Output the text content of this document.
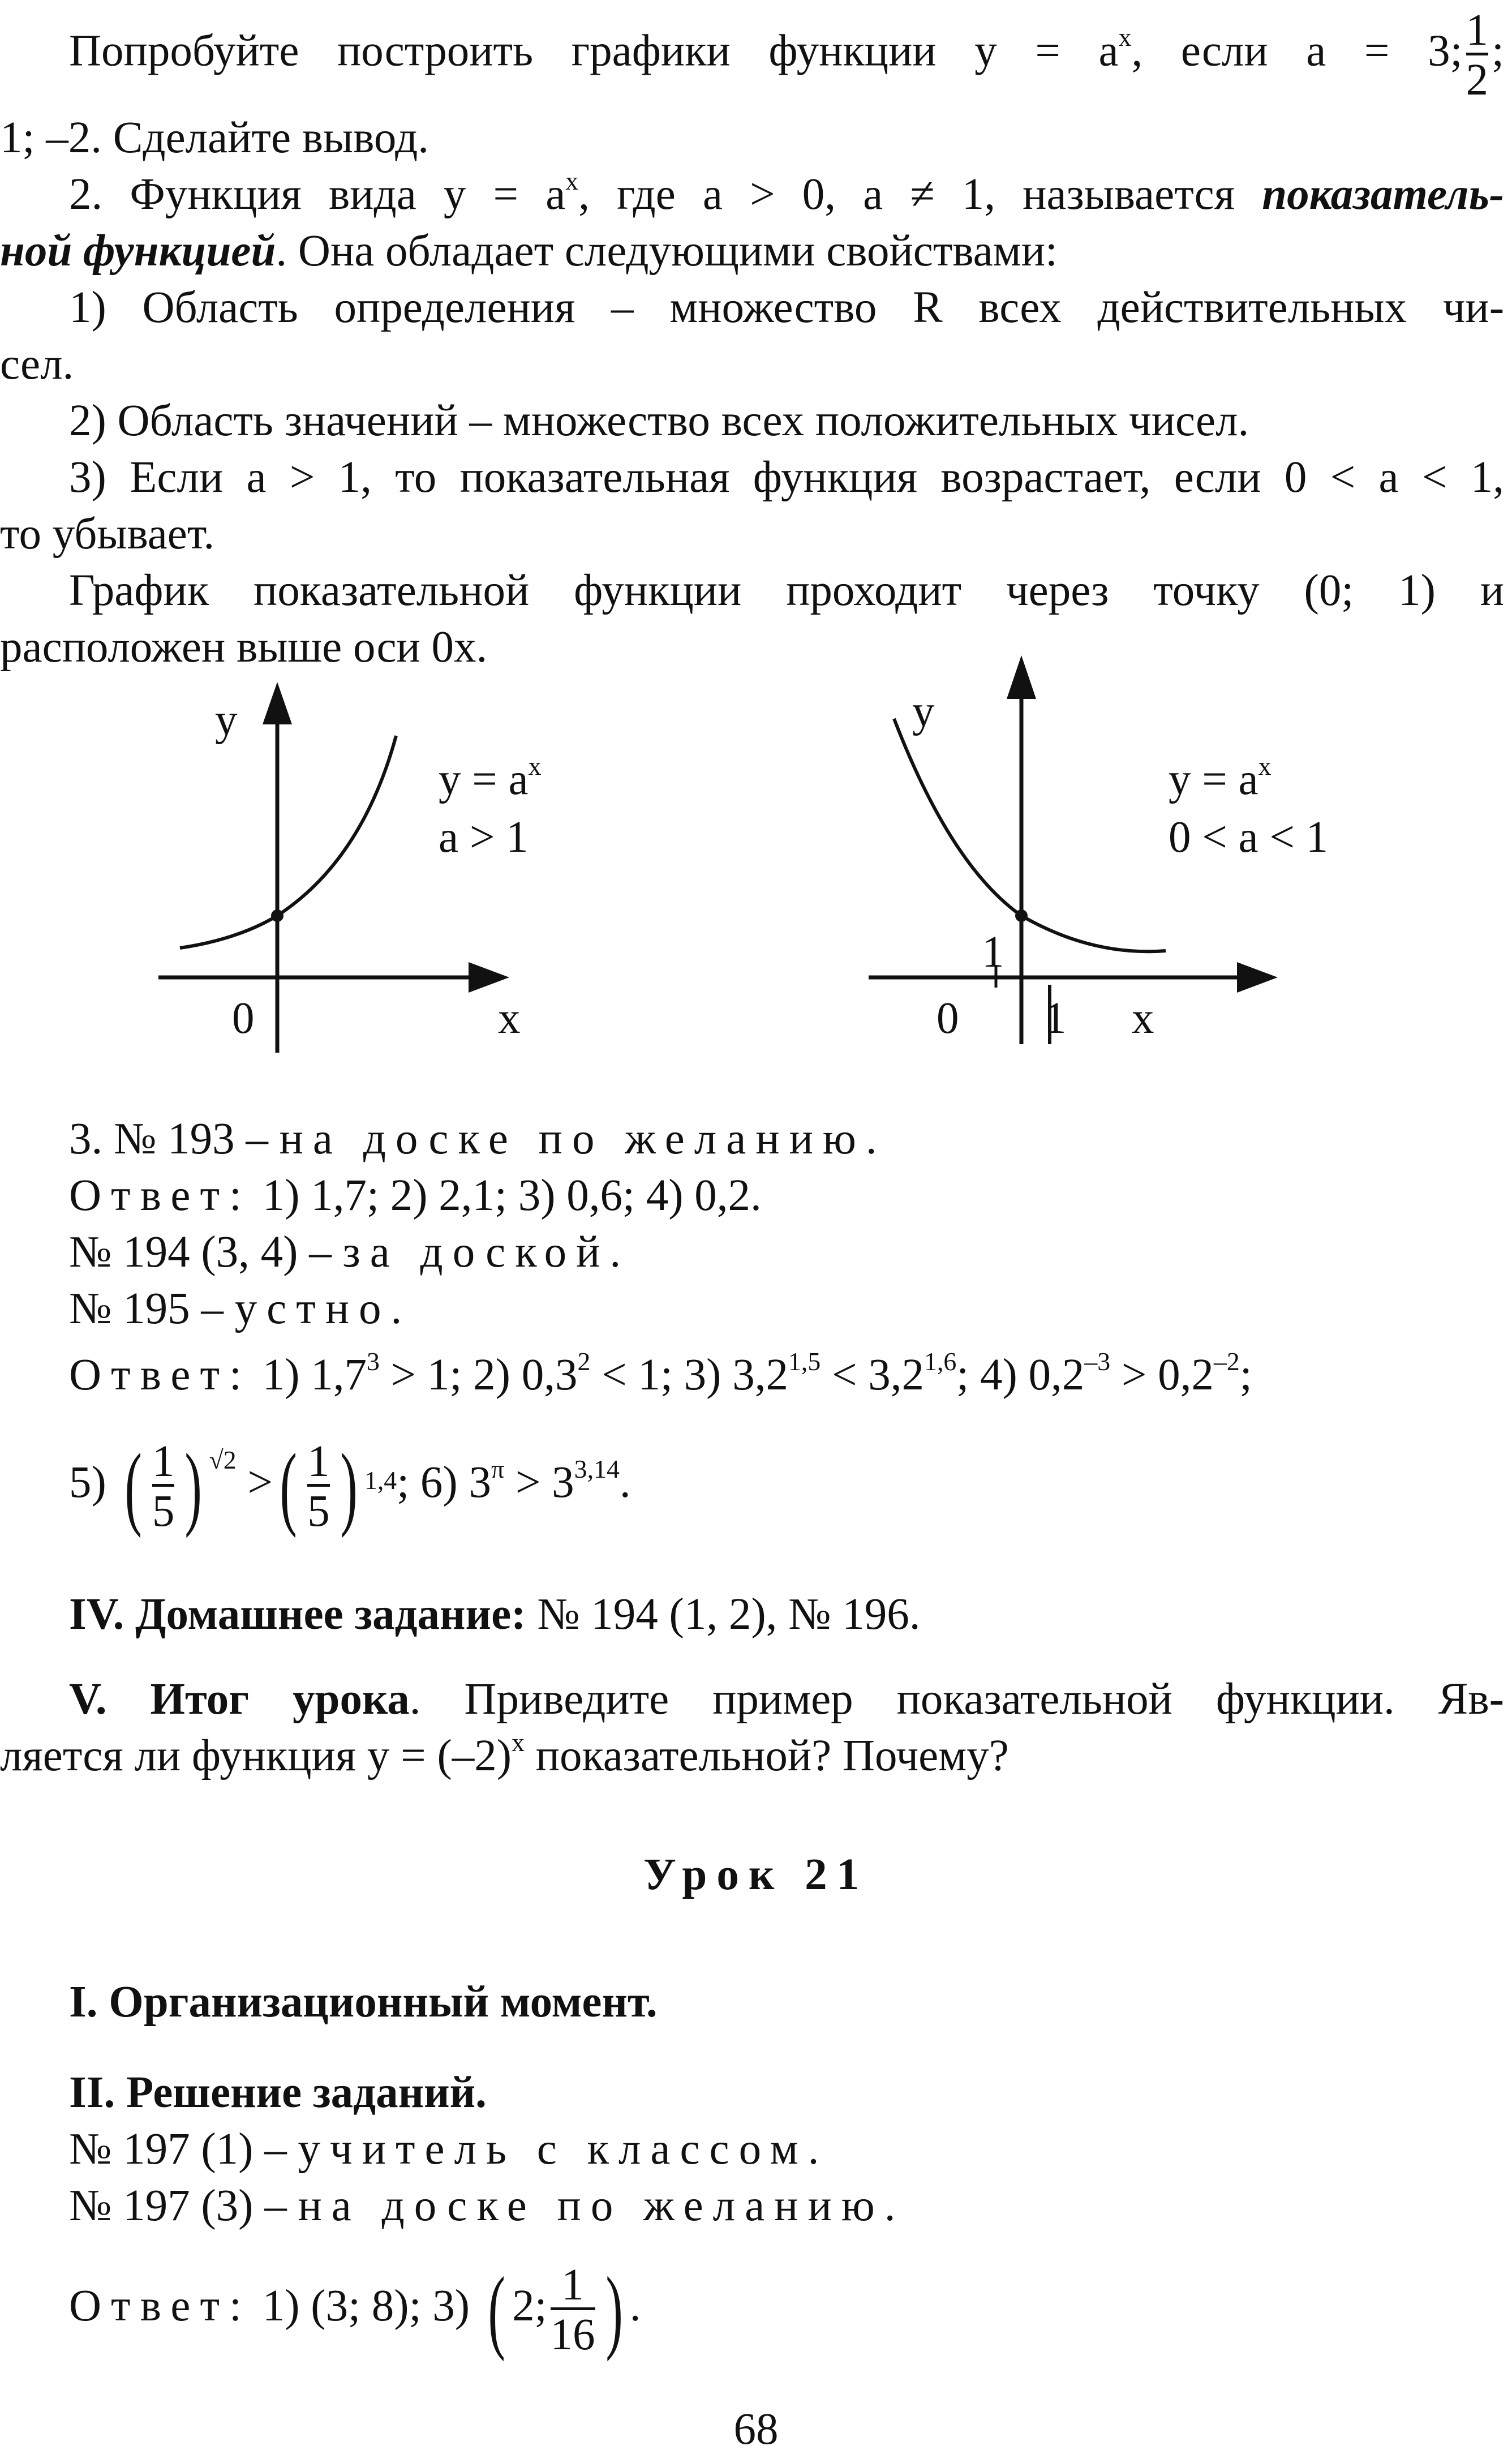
Попробуйте построить графики функции $y = a^x$, если a = 3; $\frac{1}{2}$ ;
1; –2. Сделайте вывод.
2. Функция вида $y = a^x$, где a > 0, a ≠ 1, называется показатель-
ной функцией. Она обладает следующими свойствами:
1) Область определения – множество R всех действительных чи-
сел.
2) Область значений – множество всех положительных чисел.
3) Если a > 1, то показательная функция возрастает, если 0 < a < 1,
то убывает.
График показательной функции проходит через точку (0; 1) и
расположен выше оси 0x.
y
$y = a^x$
a > 1
0	x
y
$y = a^x$
0 < a < 1
1
0 1 x
3. № 193 – на доске по желанию.
Ответ: 1) 1,7; 2) 2,1; 3) 0,6; 4) 0,2.
№ 194 (3, 4) – за доской.
№ 195 – устно.
Ответ: 1) $1,7^3 > 1$; 2) $0,3^2 < 1$; 3) $3,2^{1,5} < 3,2^{1,6}$; 4) $0,2^{-3} > 0,2^{-2}$;
5) ( $\frac{1}{5}$ ) $^{√2}$ >( $\frac{1}{5}$ ) $^{1,4}$; 6) $3^\pi > 3^{3,14}$.
IV. Домашнее задание: № 194 (1, 2), № 196.
V. Итог урока. Приведите пример показательной функции. Яв-
ляется ли функция $y = (-2)^x$ показательной? Почему?
Урок 21
I. Организационный момент.
II. Решение заданий.
№ 197 (1) – учитель с классом.
№ 197 (3) – на доске по желанию.
Ответ: 1) (3; 8); 3) ( 2; $\frac{1}{16}$ ) .
68
